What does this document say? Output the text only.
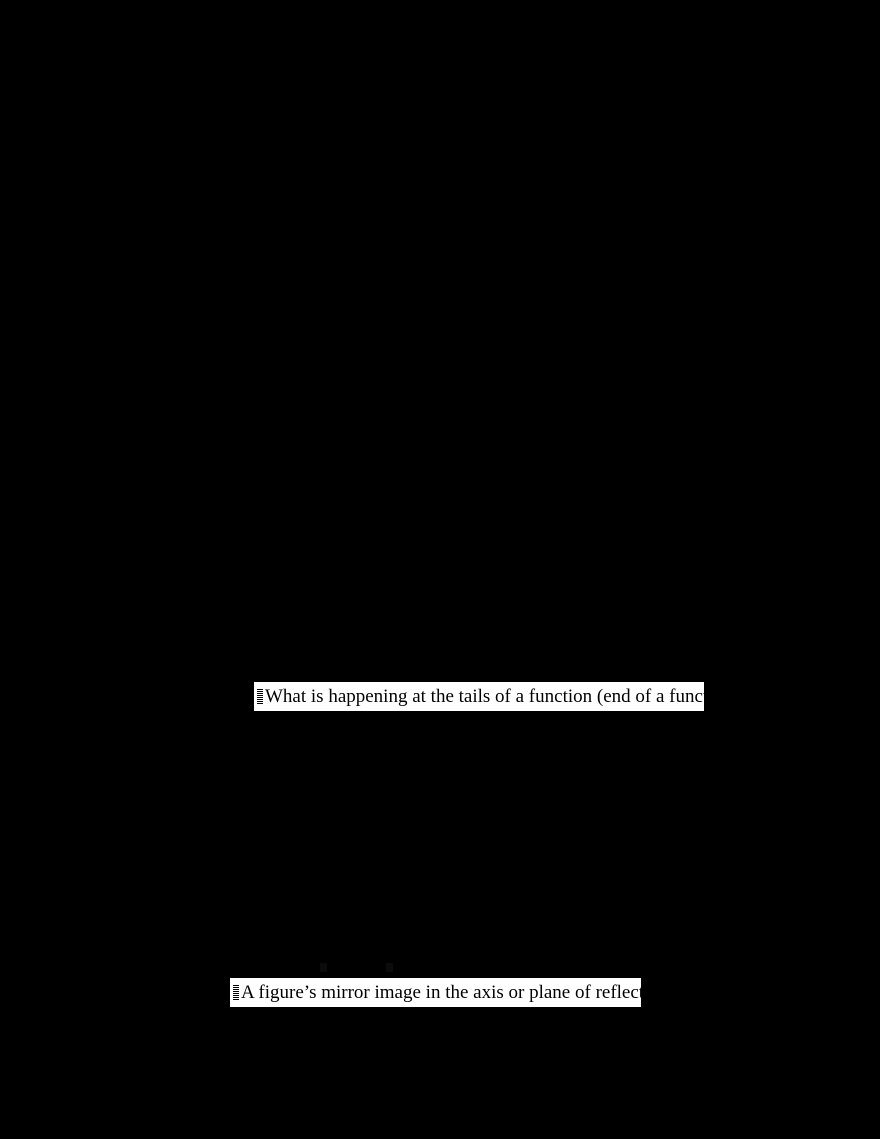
What is happening at the tails of a function (end of a function).
A figure’s mirror image in the axis or plane of reflection.
